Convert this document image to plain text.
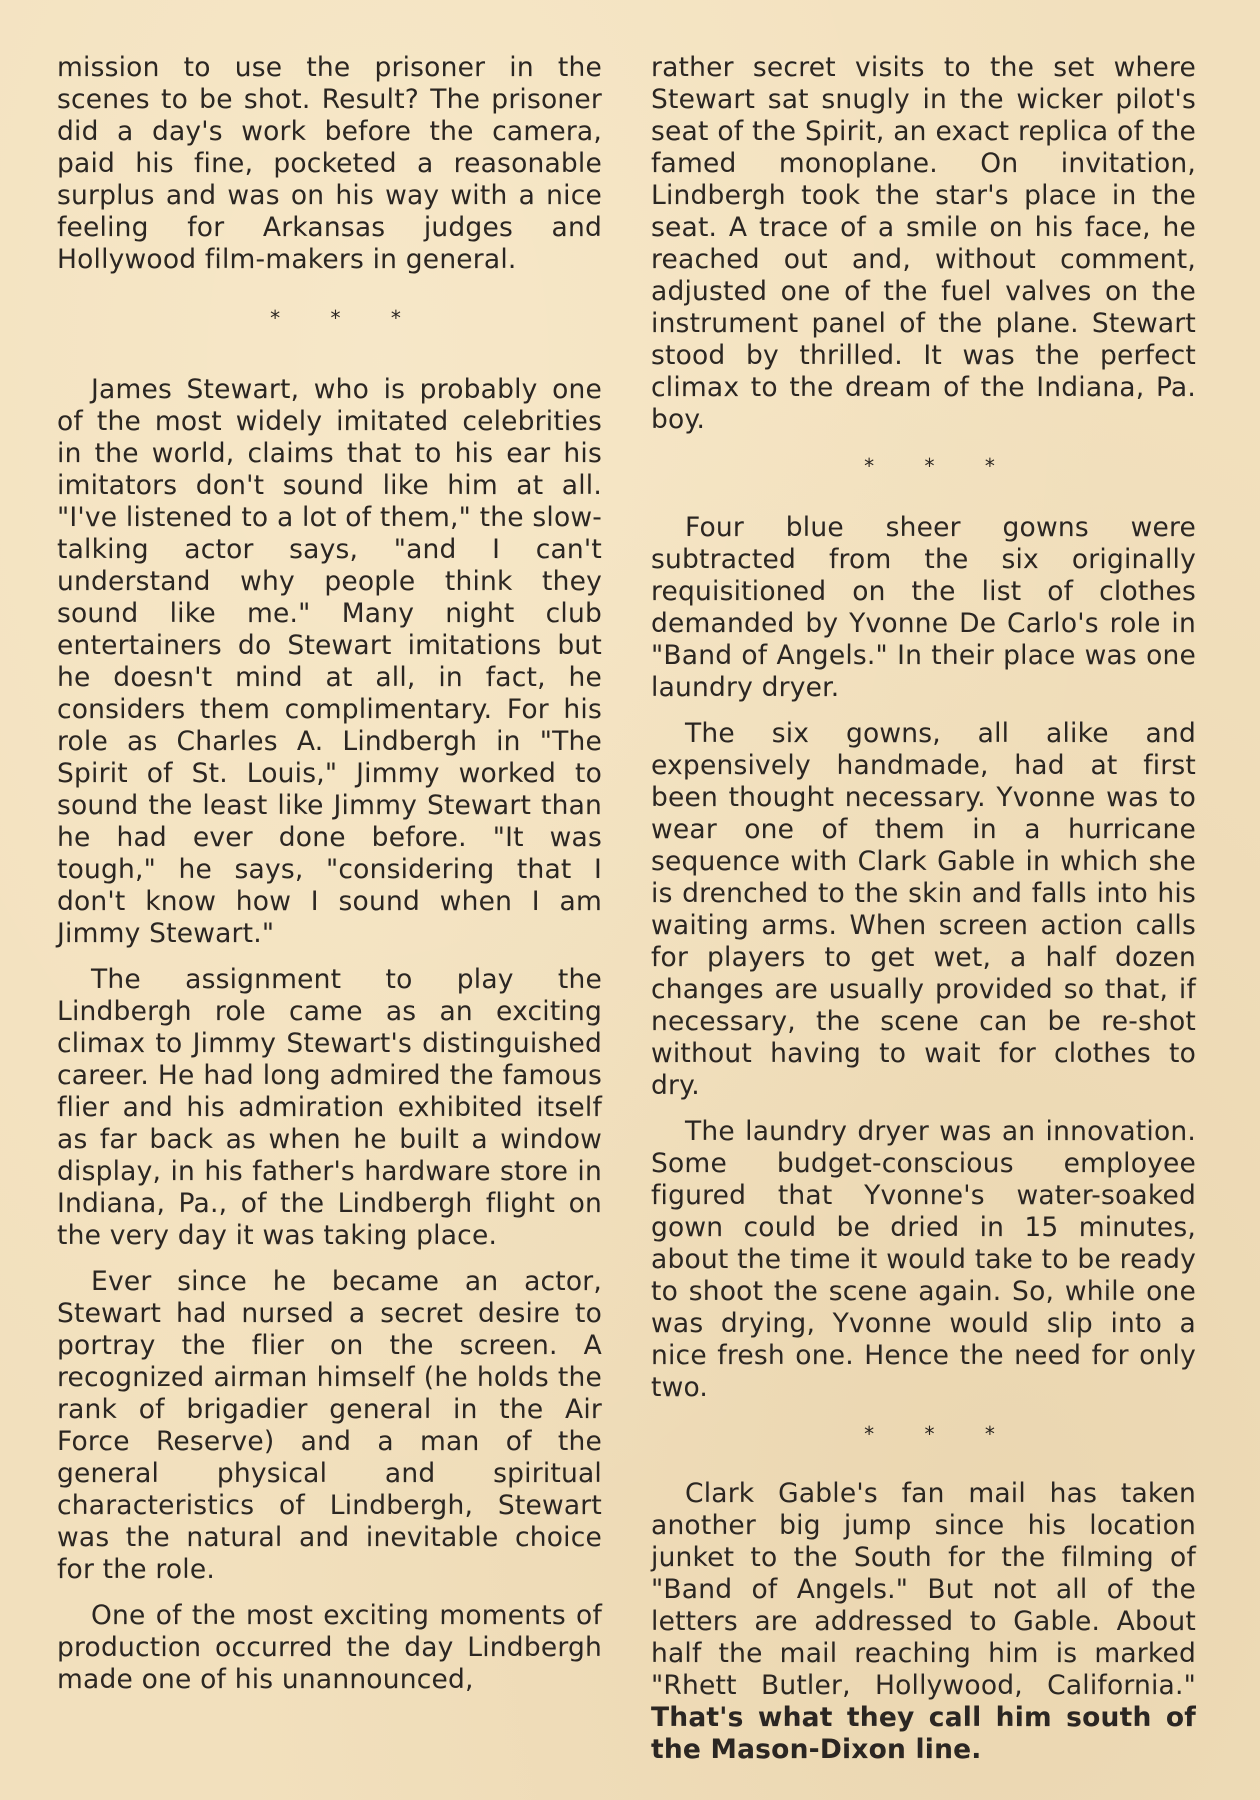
mission to use the prisoner in the scenes to be shot. Result? The prisoner did a day's work before the camera, paid his fine, pocketed a reasonable surplus and was on his way with a nice feeling for Arkansas judges and Hollywood film-makers in general.

* * *

James Stewart, who is probably one of the most widely imitated celebrities in the world, claims that to his ear his imitators don't sound like him at all. "I've listened to a lot of them," the slow-talking actor says, "and I can't understand why people think they sound like me." Many night club entertainers do Stewart imitations but he doesn't mind at all, in fact, he considers them complimentary. For his role as Charles A. Lindbergh in "The Spirit of St. Louis," Jimmy worked to sound the least like Jimmy Stewart than he had ever done before. "It was tough," he says, "considering that I don't know how I sound when I am Jimmy Stewart."

The assignment to play the Lindbergh role came as an exciting climax to Jimmy Stewart's distinguished career. He had long admired the famous flier and his admiration exhibited itself as far back as when he built a window display, in his father's hardware store in Indiana, Pa., of the Lindbergh flight on the very day it was taking place.

Ever since he became an actor, Stewart had nursed a secret desire to portray the flier on the screen. A recognized airman himself (he holds the rank of brigadier general in the Air Force Reserve) and a man of the general physical and spiritual characteristics of Lindbergh, Stewart was the natural and inevitable choice for the role.

One of the most exciting moments of production occurred the day Lindbergh made one of his unannounced,

rather secret visits to the set where Stewart sat snugly in the wicker pilot's seat of the Spirit, an exact replica of the famed monoplane. On invitation, Lindbergh took the star's place in the seat. A trace of a smile on his face, he reached out and, without comment, adjusted one of the fuel valves on the instrument panel of the plane. Stewart stood by thrilled. It was the perfect climax to the dream of the Indiana, Pa. boy.

* * *

Four blue sheer gowns were subtracted from the six originally requisitioned on the list of clothes demanded by Yvonne De Carlo's role in "Band of Angels." In their place was one laundry dryer.

The six gowns, all alike and expensively handmade, had at first been thought necessary. Yvonne was to wear one of them in a hurricane sequence with Clark Gable in which she is drenched to the skin and falls into his waiting arms. When screen action calls for players to get wet, a half dozen changes are usually provided so that, if necessary, the scene can be re-shot without having to wait for clothes to dry.

The laundry dryer was an innovation. Some budget-conscious employee figured that Yvonne's water-soaked gown could be dried in 15 minutes, about the time it would take to be ready to shoot the scene again. So, while one was drying, Yvonne would slip into a nice fresh one. Hence the need for only two.

* * *

Clark Gable's fan mail has taken another big jump since his location junket to the South for the filming of "Band of Angels." But not all of the letters are addressed to Gable. About half the mail reaching him is marked "Rhett Butler, Hollywood, California." That's what they call him south of the Mason-Dixon line.
